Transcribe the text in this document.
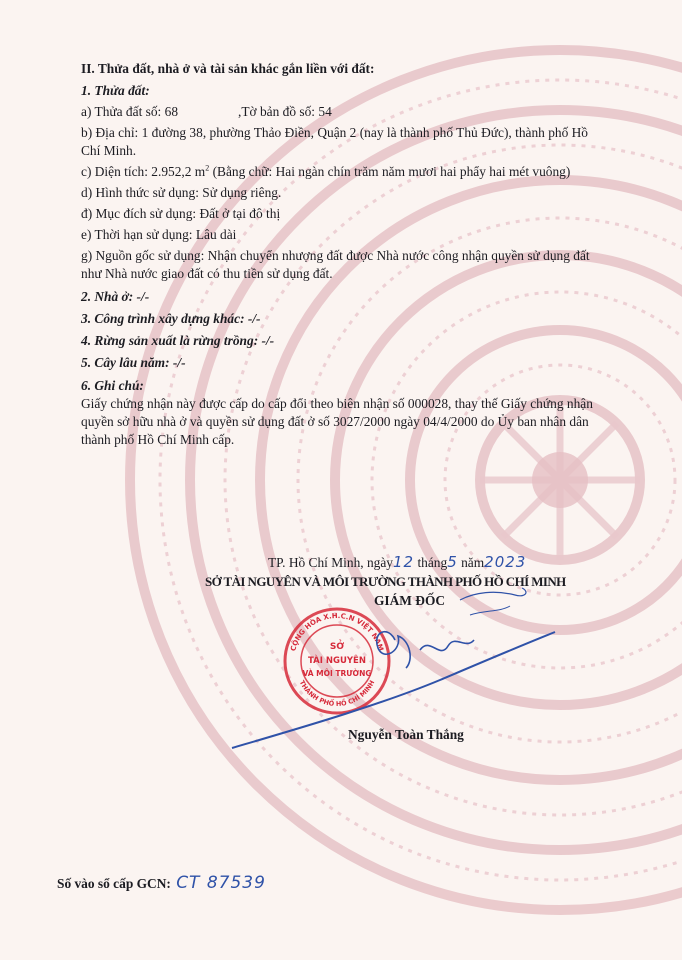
II. Thửa đất, nhà ở và tài sản khác gắn liền với đất:
1. Thửa đất:
a) Thửa đất số: 68	,Tờ bản đồ số: 54
b) Địa chỉ: 1 đường 38, phường Thảo Điền, Quận 2 (nay là thành phố Thủ Đức), thành phố Hồ
Chí Minh.
c) Diện tích: 2.952,2 $m^2$ (Bằng chữ: Hai ngàn chín trăm năm mươi hai phẩy hai mét vuông)
d) Hình thức sử dụng: Sử dụng riêng.
đ) Mục đích sử dụng: Đất ở tại đô thị
e) Thời hạn sử dụng: Lâu dài
g) Nguồn gốc sử dụng: Nhận chuyển nhượng đất được Nhà nước công nhận quyền sử dụng đất
như Nhà nước giao đất có thu tiền sử dụng đất.
2. Nhà ở: -/-
3. Công trình xây dựng khác: -/-
4. Rừng sản xuất là rừng trồng: -/-
5. Cây lâu năm: -/-
6. Ghi chú:
Giấy chứng nhận này được cấp do cấp đổi theo biên nhận số 000028, thay thế Giấy chứng nhận
quyền sở hữu nhà ở và quyền sử dụng đất ở số 3027/2000 ngày 04/4/2000 do Ủy ban nhân dân
thành phố Hồ Chí Minh cấp.
TP. Hồ Chí Minh, ngày12 tháng5 năm2023
SỞ TÀI NGUYÊN VÀ MÔI TRƯỜNG THÀNH PHỐ HỒ CHÍ MINH
GIÁM ĐỐC
CỘNG HÒA X.H.C.N VIỆT NAM
THÀNH PHỐ HỒ CHÍ MINH
SỞ
TÀI NGUYÊN
VÀ MÔI TRƯỜNG
Nguyễn Toàn Thắng
Số vào sổ cấp GCN: CT 87539
